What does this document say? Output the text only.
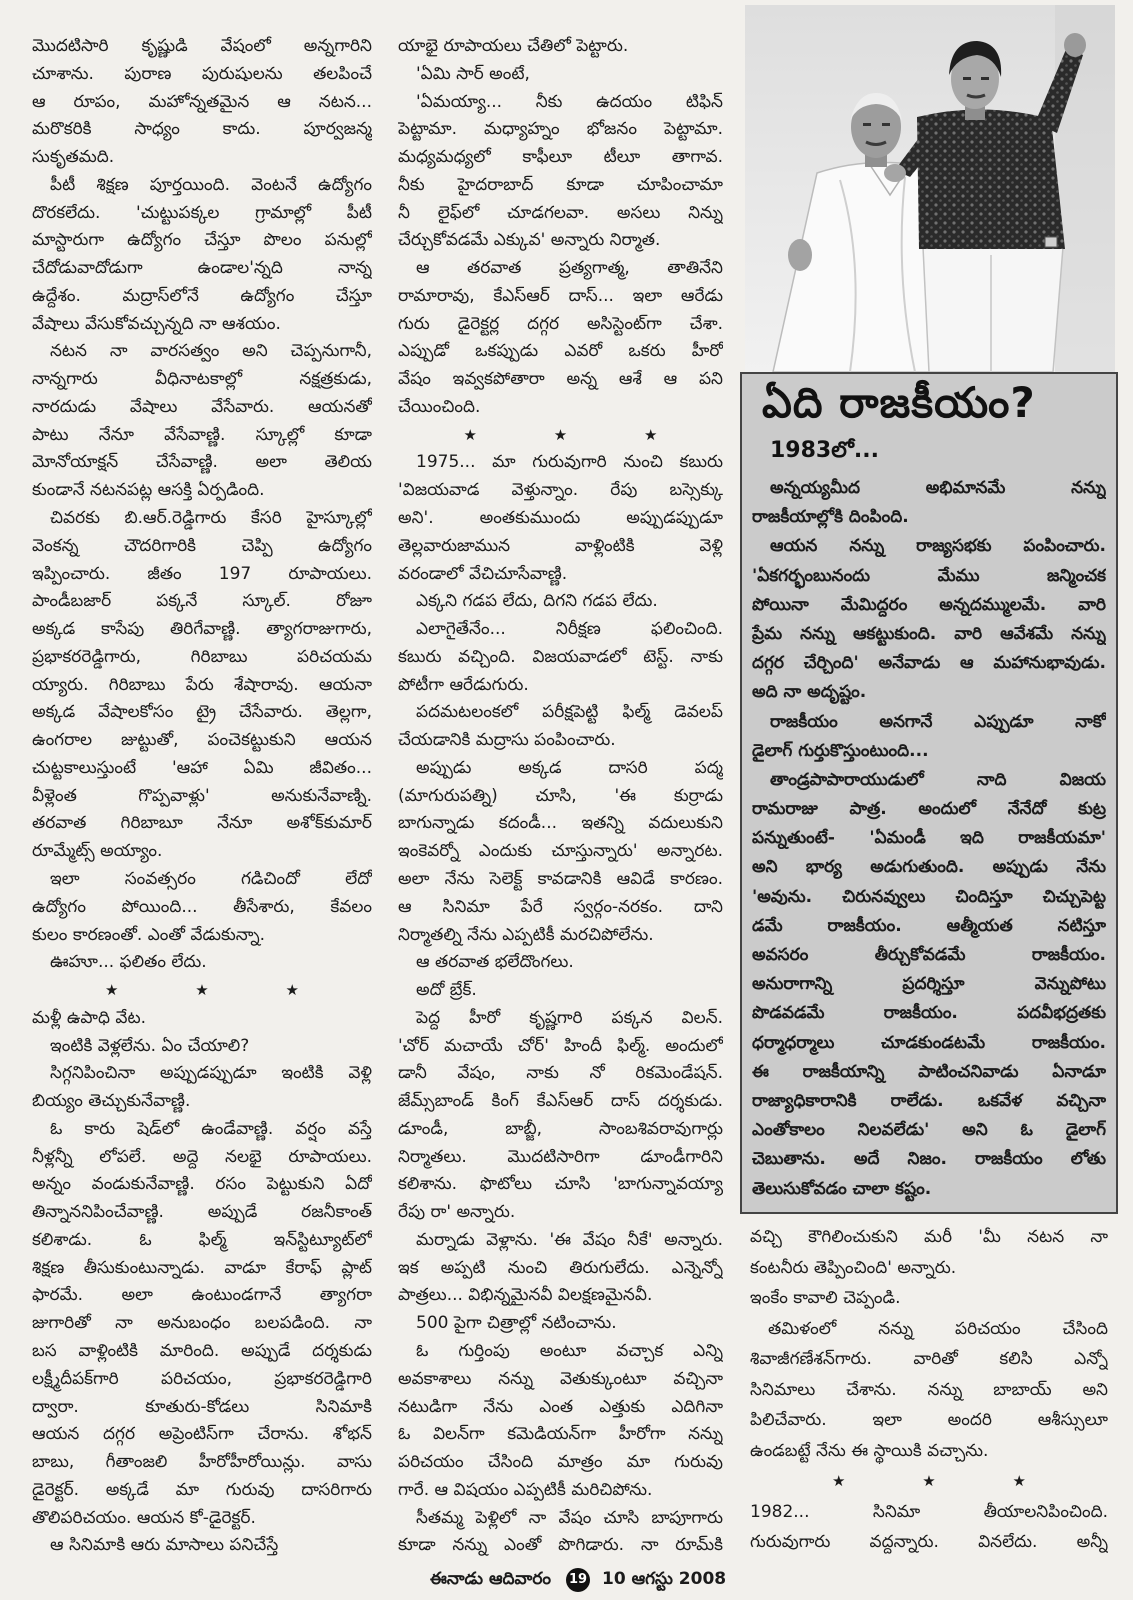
మొదటిసారి కృష్ణుడి వేషంలో అన్నగారిని
చూశాను. పురాణ పురుషులను తలపించే
ఆ రూపం, మహోన్నతమైన ఆ నటన...
మరొకరికి సాధ్యం కాదు. పూర్వజన్మ
సుకృతమది.
పీటీ శిక్షణ పూర్తయింది. వెంటనే ఉద్యోగం
దొరకలేదు. 'చుట్టుపక్కల గ్రామాల్లో పీటీ
మాస్టారుగా ఉద్యోగం చేస్తూ పొలం పనుల్లో
చేదోడువాదోడుగా ఉండాల'న్నది నాన్న
ఉద్దేశం. మద్రాస్‌లోనే ఉద్యోగం చేస్తూ
వేషాలు వేసుకోవచ్చున్నది నా ఆశయం.
నటన నా వారసత్వం అని చెప్పనుగానీ,
నాన్నగారు వీధినాటకాల్లో నక్షత్రకుడు,
నారదుడు వేషాలు వేసేవారు. ఆయనతో
పాటు నేనూ వేసేవాణ్ణి. స్కూల్లో కూడా
మోనోయాక్షన్ చేసేవాణ్ణి. అలా తెలియ
కుండానే నటనపట్ల ఆసక్తి ఏర్పడింది.
చివరకు బి.ఆర్.రెడ్డిగారు కేసరి హైస్కూల్లో
వెంకన్న చౌదరిగారికి చెప్పి ఉద్యోగం
ఇప్పించారు. జీతం 197 రూపాయలు.
పాండీబజార్ పక్కనే స్కూల్. రోజూ
అక్కడ కాసేపు తిరిగేవాణ్ణి. త్యాగరాజుగారు,
ప్రభాకరరెడ్డిగారు, గిరిబాబు పరిచయమ
య్యారు. గిరిబాబు పేరు శేషారావు. ఆయనా
అక్కడ వేషాలకోసం ట్రై చేసేవారు. తెల్లగా,
ఉంగరాల జుట్టుతో, పంచెకట్టుకుని ఆయన
చుట్టకాలుస్తుంటే 'ఆహా ఏమి జీవితం...
వీళ్లెంత గొప్పవాళ్లు' అనుకునేవాణ్ని.
తరవాత గిరిబాబూ నేనూ అశోక్‌కుమార్
రూమ్మేట్స్ అయ్యాం.
ఇలా సంవత్సరం గడిచిందో లేదో
ఉద్యోగం పోయింది... తీసేశారు, కేవలం
కులం కారణంతో. ఎంతో వేడుకున్నా.
ఊహూ... ఫలితం లేదు.
★ ★ ★
మళ్లీ ఉపాధి వేట.
ఇంటికి వెళ్లలేను. ఏం చేయాలి?
సిగ్గనిపించినా అప్పుడప్పుడూ ఇంటికి వెళ్లి
బియ్యం తెచ్చుకునేవాణ్ణి.
ఓ కారు షెడ్‌లో ఉండేవాణ్ణి. వర్షం వస్తే
నీళ్లన్నీ లోపలే. అద్దె నలభై రూపాయలు.
అన్నం వండుకునేవాణ్ణి. రసం పెట్టుకుని ఏదో
తిన్నాననిపించేవాణ్ణి. అప్పుడే రజనీకాంత్
కలిశాడు. ఓ ఫిల్మ్ ఇన్‌స్టిట్యూట్‌లో
శిక్షణ తీసుకుంటున్నాడు. వాడూ కేరాఫ్ ప్లాట్
ఫారమే. అలా ఉంటుండగానే త్యాగరా
జుగారితో నా అనుబంధం బలపడింది. నా
బస వాళ్లింటికి మారింది. అప్పుడే దర్శకుడు
లక్ష్మీదీపక్‌గారి పరిచయం, ప్రభాకరరెడ్డిగారి
ద్వారా. కూతురు-కోడలు సినిమాకి
ఆయన దగ్గర అప్రెంటిస్‌గా చేరాను. శోభన్
బాబు, గీతాంజలి హీరోహీరోయిన్లు. వాసు
డైరెక్టర్. అక్కడే మా గురువు దాసరిగారు
తొలిపరిచయం. ఆయన కో-డైరెక్టర్.
ఆ సినిమాకి ఆరు మాసాలు పనిచేస్తే
యాభై రూపాయలు చేతిలో పెట్టారు.
'ఏమి సార్ అంటే,
'ఏమయ్యా... నీకు ఉదయం టిఫిన్
పెట్టామా. మధ్యాహ్నం భోజనం పెట్టామా.
మధ్యమధ్యలో కాఫీలూ టీలూ తాగావ.
నీకు హైదరాబాద్ కూడా చూపించామా
నీ లైఫ్‌లో చూడగలవా. అసలు నిన్ను
చేర్చుకోవడమే ఎక్కువ' అన్నారు నిర్మాత.
ఆ తరవాత ప్రత్యగాత్మ, తాతినేని
రామారావు, కేఎస్‌ఆర్ దాస్... ఇలా ఆరేడు
గురు డైరెక్టర్ల దగ్గర అసిస్టెంట్‌గా చేశా.
ఎప్పుడో ఒకప్పుడు ఎవరో ఒకరు హీరో
వేషం ఇవ్వకపోతారా అన్న ఆశే ఆ పని
చేయించింది.
★ ★ ★
1975... మా గురువుగారి నుంచి కబురు
'విజయవాడ వెళ్తున్నాం. రేపు బస్సెక్కు
అని'. అంతకుముందు అప్పుడప్పుడూ
తెల్లవారుజామున వాళ్లింటికి వెళ్లి
వరండాలో వేచిచూసేవాణ్ణి.
ఎక్కని గడప లేదు, దిగని గడప లేదు.
ఎలాగైతేనేం... నిరీక్షణ ఫలించింది.
కబురు వచ్చింది. విజయవాడలో టెస్ట్. నాకు
పోటీగా ఆరేడుగురు.
పదమటలంకలో పరీక్షపెట్టి ఫిల్మ్ డెవలప్
చేయడానికి మద్రాసు పంపించారు.
అప్పుడు అక్కడ దాసరి పద్మ
(మాగురుపత్ని) చూసి, 'ఈ కుర్రాడు
బాగున్నాడు కదండీ... ఇతన్ని వదులుకుని
ఇంకెవర్నో ఎందుకు చూస్తున్నారు' అన్నారట.
అలా నేను సెలెక్ట్ కావడానికి ఆవిడే కారణం.
ఆ సినిమా పేరే స్వర్గం-నరకం. దాని
నిర్మాతల్ని నేను ఎప్పటికీ మరచిపోలేను.
ఆ తరవాత భలేదొంగలు.
అదో బ్రేక్.
పెద్ద హీరో కృష్ణగారి పక్కన విలన్.
'చోర్ మచాయే చోర్' హిందీ ఫిల్మ్. అందులో
డానీ వేషం, నాకు నో రికమెండేషన్.
జేమ్స్‌బాండ్ కింగ్ కేఎస్‌ఆర్ దాస్ దర్శకుడు.
డూండీ, బాబ్జీ, సాంబశివరావుగార్లు
నిర్మాతలు. మొదటిసారిగా డూండీగారిని
కలిశాను. ఫొటోలు చూసి 'బాగున్నావయ్యా
రేపు రా' అన్నారు.
మర్నాడు వెళ్లాను. 'ఈ వేషం నీకే' అన్నారు.
ఇక అప్పటి నుంచి తిరుగులేదు. ఎన్నెన్నో
పాత్రలు... విభిన్నమైనవీ విలక్షణమైనవీ.
500 పైగా చిత్రాల్లో నటించాను.
ఓ గుర్తింపు అంటూ వచ్చాక ఎన్ని
అవకాశాలు నన్ను వెతుక్కుంటూ వచ్చినా
నటుడిగా నేను ఎంత ఎత్తుకు ఎదిగినా
ఓ విలన్‌గా కమెడియన్‌గా హీరోగా నన్ను
పరిచయం చేసింది మాత్రం మా గురువు
గారే. ఆ విషయం ఎప్పటికీ మరిచిపోను.
సీతమ్మ పెళ్లిలో నా వేషం చూసి బాపూగారు
కూడా నన్ను ఎంతో పొగిడారు. నా రూమ్‌కి
ఏది రాజకీయం?
1983లో...
అన్నయ్యమీద అభిమానమే నన్ను
రాజకీయాల్లోకి దింపింది.
ఆయన నన్ను రాజ్యసభకు పంపించారు.
'ఏకగర్భంబునందు మేము జన్మించక
పోయినా మేమిద్దరం అన్నదమ్ములమే. వారి
ప్రేమ నన్ను ఆకట్టుకుంది. వారి ఆవేశమే నన్ను
దగ్గర చేర్చింది' అనేవాడు ఆ మహానుభావుడు.
అది నా అదృష్టం.
రాజకీయం అనగానే ఎప్పుడూ నాకో
డైలాగ్ గుర్తుకొస్తుంటుంది...
తాండ్రపాపారాయుడులో నాది విజయ
రామరాజు పాత్ర. అందులో నేనేదో కుట్ర
పన్నుతుంటే- 'ఏమండీ ఇది రాజకీయమా'
అని భార్య అడుగుతుంది. అప్పుడు నేను
'అవును. చిరునవ్వులు చిందిస్తూ చిచ్చుపెట్ట
డమే రాజకీయం. ఆత్మీయత నటిస్తూ
అవసరం తీర్చుకోవడమే రాజకీయం.
అనురాగాన్ని ప్రదర్శిస్తూ వెన్నుపోటు
పొడవడమే రాజకీయం. పదవీభద్రతకు
ధర్మాధర్మాలు చూడకుండటమే రాజకీయం.
ఈ రాజకీయాన్ని పాటించనివాడు ఏనాడూ
రాజ్యాధికారానికి రాలేడు. ఒకవేళ వచ్చినా
ఎంతోకాలం నిలవలేడు' అని ఓ డైలాగ్
చెబుతాను. అదే నిజం. రాజకీయం లోతు
తెలుసుకోవడం చాలా కష్టం.
వచ్చి కౌగిలించుకుని మరీ 'మీ నటన నా
కంటనీరు తెప్పించింది' అన్నారు.
ఇంకేం కావాలి చెప్పండి.
తమిళంలో నన్ను పరిచయం చేసింది
శివాజీగణేశన్‌గారు. వారితో కలిసి ఎన్నో
సినిమాలు చేశాను. నన్ను బాబాయ్ అని
పిలిచేవారు. ఇలా అందరి ఆశీస్సులూ
ఉండబట్టే నేను ఈ స్థాయికి వచ్చాను.
★ ★ ★
1982... సినిమా తీయాలనిపించింది.
గురువుగారు వద్దన్నారు. వినలేదు. అన్నీ
ఈనాడు ఆదివారం 19 10 ఆగస్టు 2008
